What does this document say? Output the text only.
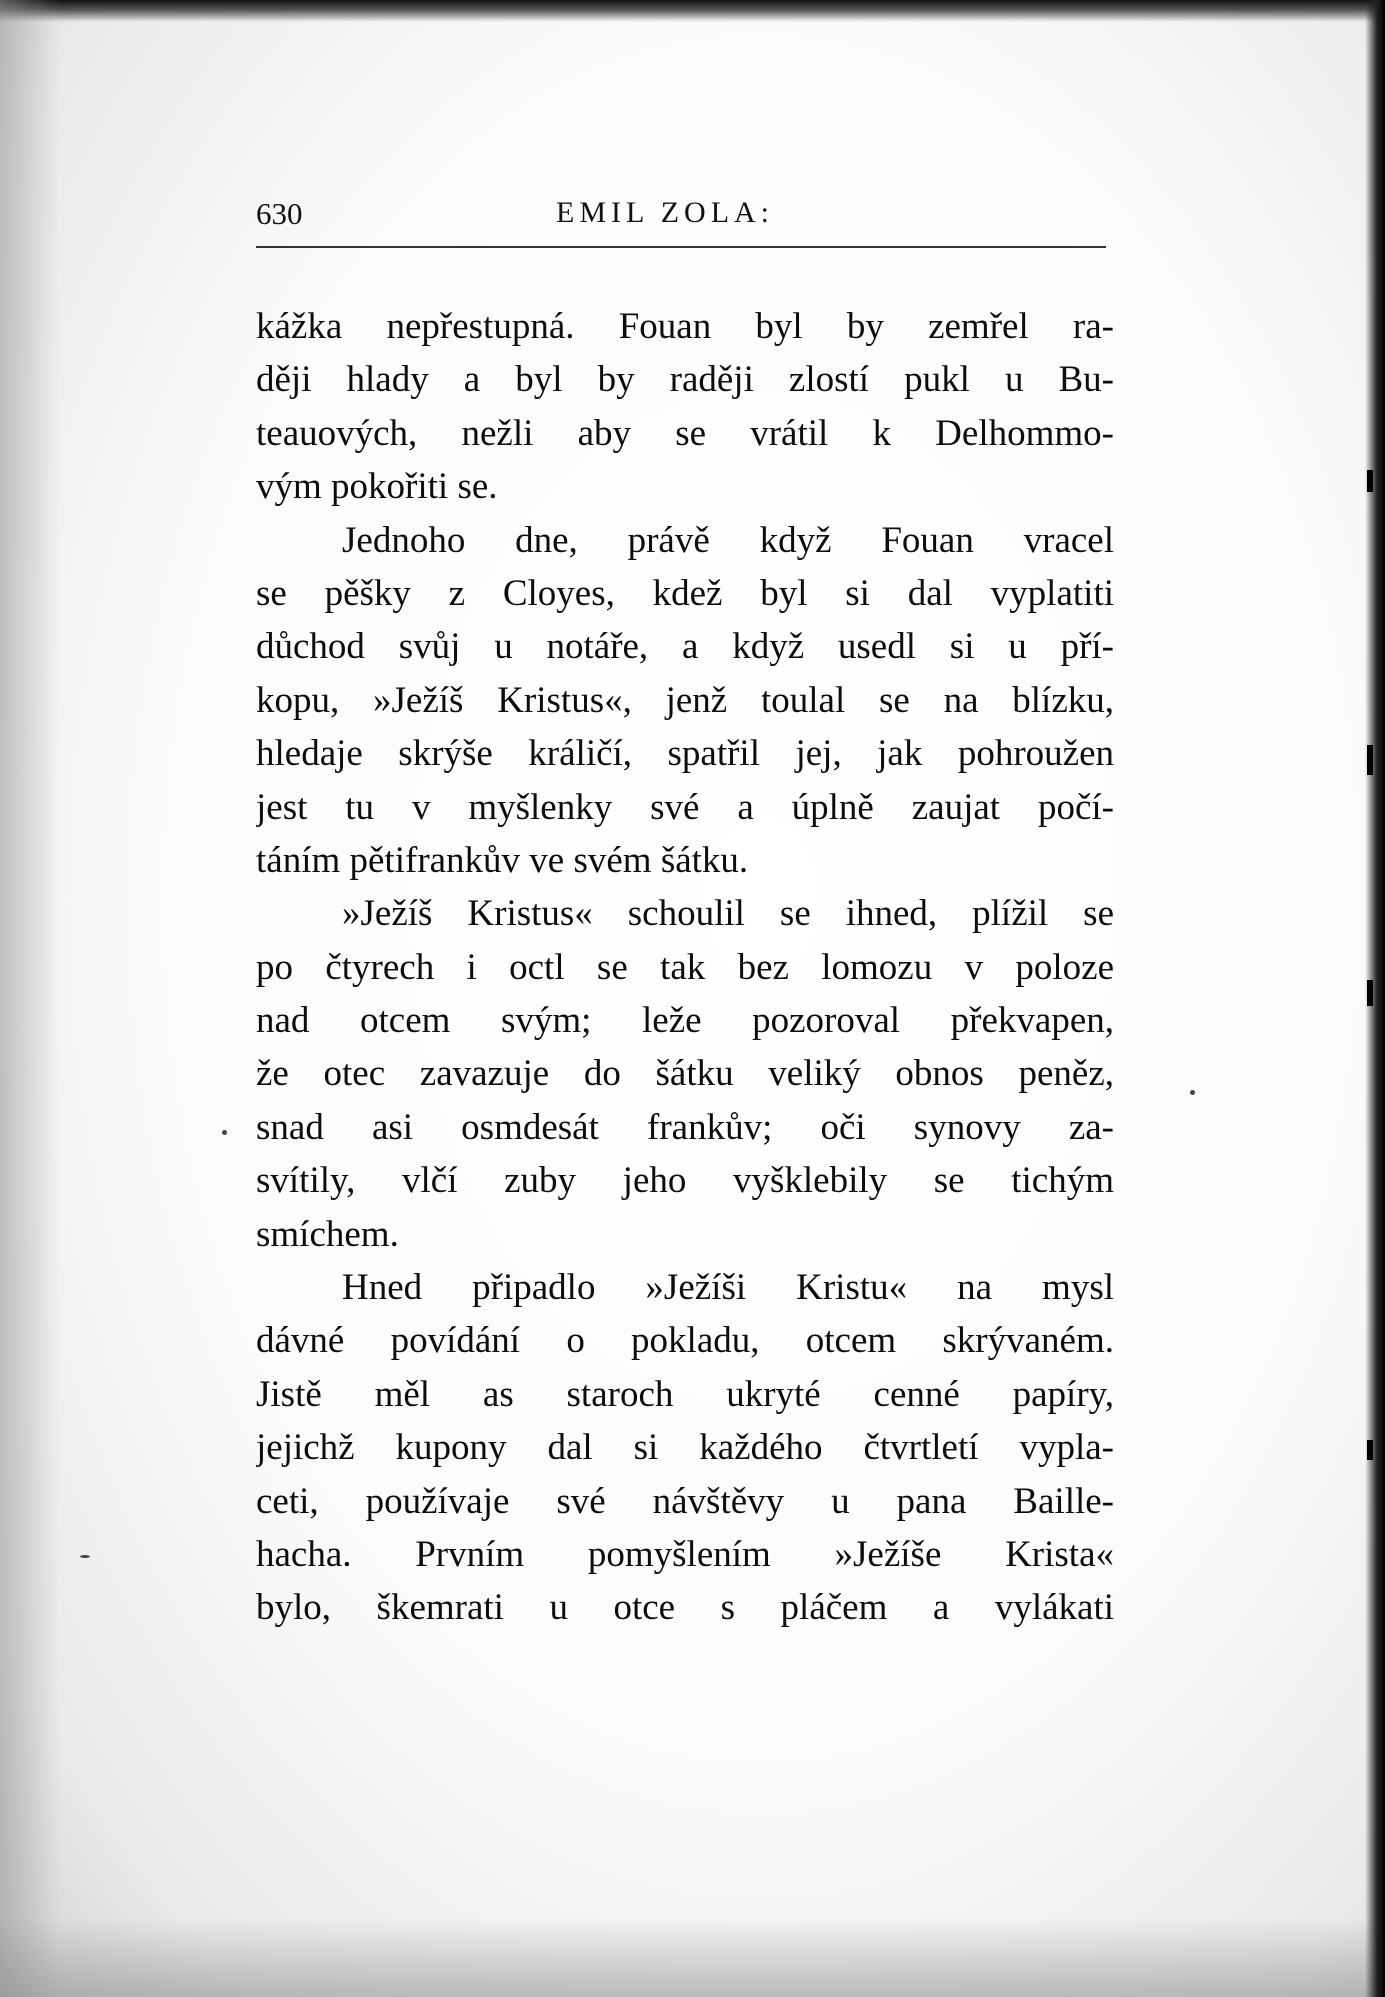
630	EMIL ZOLA:
kážka nepřestupná. Fouan byl by zemřel ra-
ději hlady a byl by raději zlostí pukl u Bu-
teauových, nežli aby se vrátil k Delhommo-
vým pokořiti se.
Jednoho dne, právě když Fouan vracel
se pěšky z Cloyes, kdež byl si dal vyplatiti
důchod svůj u notáře, a když usedl si u pří-
kopu, »Ježíš Kristus«, jenž toulal se na blízku,
hledaje skrýše králičí, spatřil jej, jak pohroužen
jest tu v myšlenky své a úplně zaujat počí-
táním pětifrankův ve svém šátku.
»Ježíš Kristus« schoulil se ihned, plížil se
po čtyrech i octl se tak bez lomozu v poloze
nad otcem svým; leže pozoroval překvapen,
že otec zavazuje do šátku veliký obnos peněz,
snad asi osmdesát frankův; oči synovy za-
svítily, vlčí zuby jeho vyšklebily se tichým
smíchem.
Hned připadlo »Ježíši Kristu« na mysl
dávné povídání o pokladu, otcem skrývaném.
Jistě měl as staroch ukryté cenné papíry,
jejichž kupony dal si každého čtvrtletí vypla-
ceti, používaje své návštěvy u pana Baille-
hacha. Prvním pomyšlením »Ježíše Krista«
bylo, škemrati u otce s pláčem a vylákati
